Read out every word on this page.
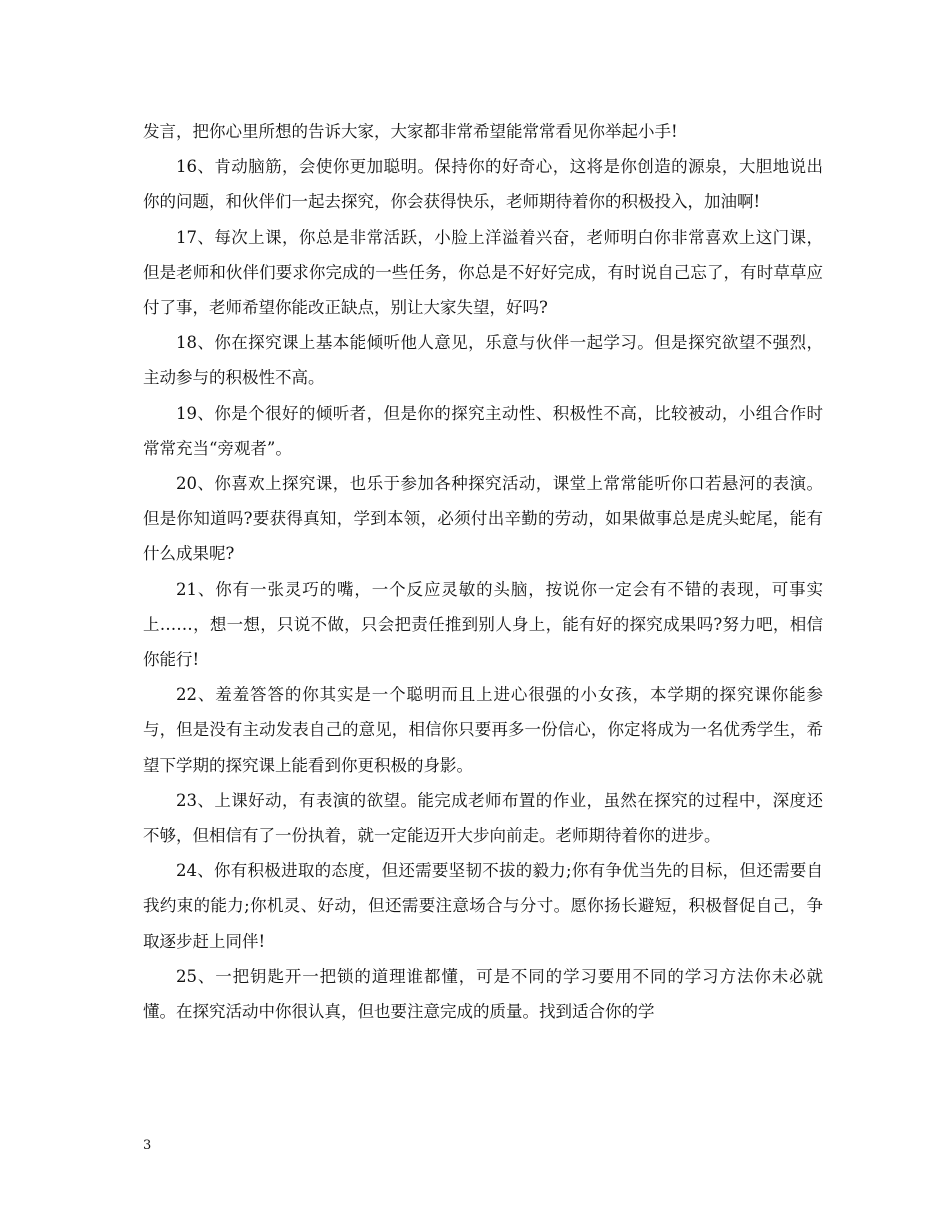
发言，把你心里所想的告诉大家，大家都非常希望能常常看见你举起小手!

16、肯动脑筋，会使你更加聪明。保持你的好奇心，这将是你创造的源泉，大胆地说出你的问题，和伙伴们一起去探究，你会获得快乐，老师期待着你的积极投入，加油啊!

17、每次上课，你总是非常活跃，小脸上洋溢着兴奋，老师明白你非常喜欢上这门课，但是老师和伙伴们要求你完成的一些任务，你总是不好好完成，有时说自己忘了，有时草草应付了事，老师希望你能改正缺点，别让大家失望，好吗?

18、你在探究课上基本能倾听他人意见，乐意与伙伴一起学习。但是探究欲望不强烈，主动参与的积极性不高。

19、你是个很好的倾听者，但是你的探究主动性、积极性不高，比较被动，小组合作时常常充当“旁观者”。

20、你喜欢上探究课，也乐于参加各种探究活动，课堂上常常能听你口若悬河的表演。但是你知道吗?要获得真知，学到本领，必须付出辛勤的劳动，如果做事总是虎头蛇尾，能有什么成果呢?

21、你有一张灵巧的嘴，一个反应灵敏的头脑，按说你一定会有不错的表现，可事实上……，想一想，只说不做，只会把责任推到别人身上，能有好的探究成果吗?努力吧，相信你能行!

22、羞羞答答的你其实是一个聪明而且上进心很强的小女孩，本学期的探究课你能参与，但是没有主动发表自己的意见，相信你只要再多一份信心，你定将成为一名优秀学生，希望下学期的探究课上能看到你更积极的身影。

23、上课好动，有表演的欲望。能完成老师布置的作业，虽然在探究的过程中，深度还不够，但相信有了一份执着，就一定能迈开大步向前走。老师期待着你的进步。

24、你有积极进取的态度，但还需要坚韧不拔的毅力;你有争优当先的目标，但还需要自我约束的能力;你机灵、好动，但还需要注意场合与分寸。愿你扬长避短，积极督促自己，争取逐步赶上同伴!

25、一把钥匙开一把锁的道理谁都懂，可是不同的学习要用不同的学习方法你未必就懂。在探究活动中你很认真，但也要注意完成的质量。找到适合你的学

3
